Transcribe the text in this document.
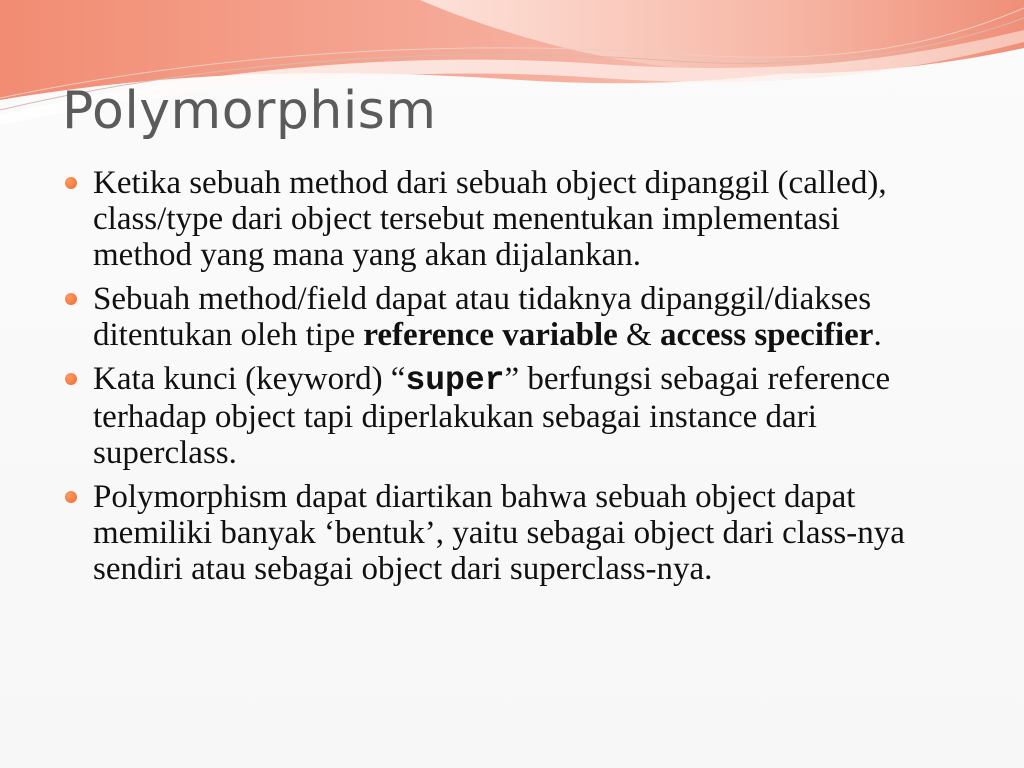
Polymorphism
Ketika sebuah method dari sebuah object dipanggil (called), class/type dari object tersebut menentukan implementasi method yang mana yang akan dijalankan.
Sebuah method/field dapat atau tidaknya dipanggil/diakses ditentukan oleh tipe reference variable & access specifier.
Kata kunci (keyword) “super” berfungsi sebagai reference terhadap object tapi diperlakukan sebagai instance dari superclass.
Polymorphism dapat diartikan bahwa sebuah object dapat memiliki banyak ‘bentuk’, yaitu sebagai object dari class-nya sendiri atau sebagai object dari superclass-nya.
